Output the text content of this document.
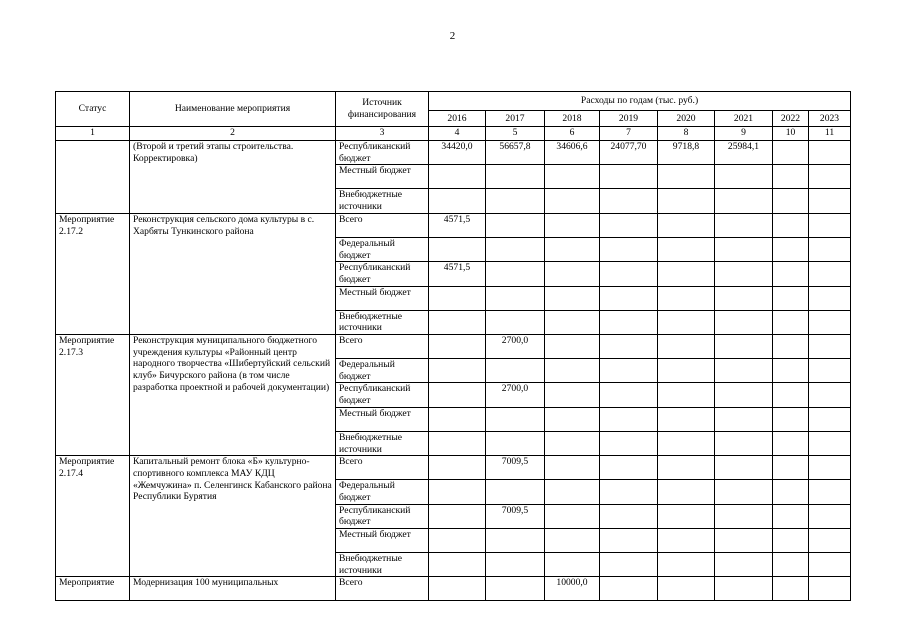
2
Статус	Наименование мероприятия	Источник финансирования	Расходы по годам (тыс. руб.)							
			2016	2017	2018	2019	2020	2021	2022	2023
1	2	3	4	5	6	7	8	9	10	11
	(Второй и третий этапы строительства. Корректировка)	Республиканский бюджет	34420,0	56657,8	34606,6	24077,70	9718,8	25984,1		
		Местный бюджет								
		Внебюджетные источники								
Мероприятие 2.17.2	Реконструкция сельского дома культуры в с. Харбяты Тункинского района	Всего	4571,5							
		Федеральный бюджет								
		Республиканский бюджет	4571,5							
		Местный бюджет								
		Внебюджетные источники								
Мероприятие 2.17.3	Реконструкция муниципального бюджетного учреждения культуры «Районный центр народного творчества «Шибертуйский сельский клуб» Бичурского района (в том числе разработка проектной и рабочей документации)	Всего		2700,0						
		Федеральный бюджет								
		Республиканский бюджет		2700,0						
		Местный бюджет								
		Внебюджетные источники								
Мероприятие 2.17.4	Капитальный ремонт блока «Б» культурно-спортивного комплекса МАУ КДЦ «Жемчужина» п. Селенгинск Кабанского района Республики Бурятия	Всего		7009,5						
		Федеральный бюджет								
		Республиканский бюджет		7009,5						
		Местный бюджет								
		Внебюджетные источники								
Мероприятие	Модернизация 100 муниципальных	Всего			10000,0					
